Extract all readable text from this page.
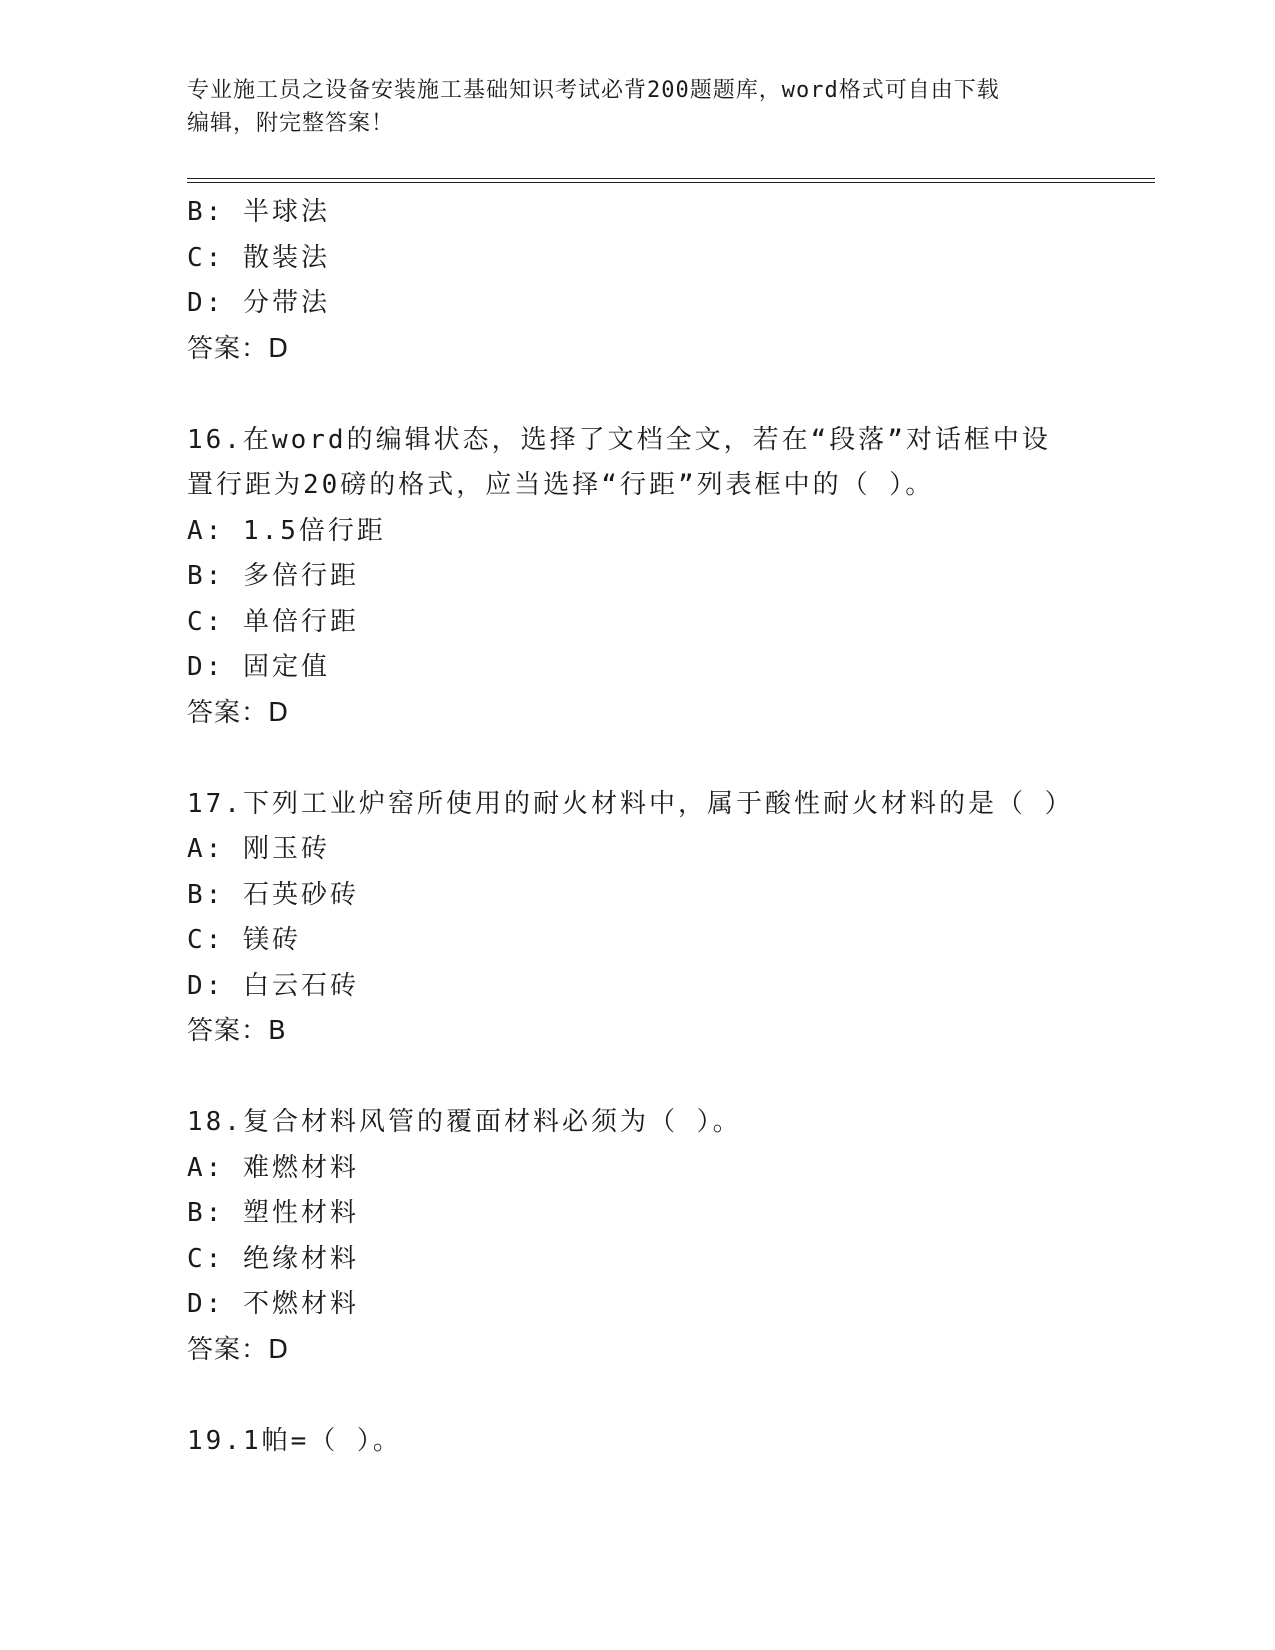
专业施工员之设备安装施工基础知识考试必背200题题库，word格式可自由下载
编辑，附完整答案！
B: 半球法
C: 散装法
D: 分带法
答案：D
16.在word的编辑状态，选择了文档全文，若在“段落”对话框中设
置行距为20磅的格式，应当选择“行距”列表框中的（ ）。
A: 1.5倍行距
B: 多倍行距
C: 单倍行距
D: 固定值
答案：D
17.下列工业炉窑所使用的耐火材料中，属于酸性耐火材料的是（ ）
A: 刚玉砖
B: 石英砂砖
C: 镁砖
D: 白云石砖
答案：B
18.复合材料风管的覆面材料必须为（ ）。
A: 难燃材料
B: 塑性材料
C: 绝缘材料
D: 不燃材料
答案：D
19.1帕=（ ）。
